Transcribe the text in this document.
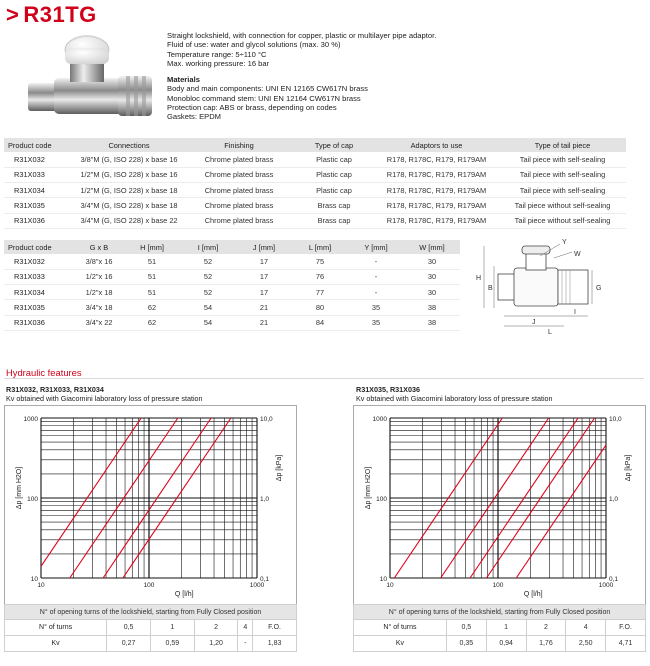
> R31TG
Straight lockshield, with connection for copper, plastic or multilayer pipe adaptor.
Fluid of use: water and glycol solutions (max. 30 %)
Temperature range: 5÷110 °C
Max. working pressure: 16 bar
Materials
Body and main components: UNI EN 12165 CW617N brass
Monobloc command stem: UNI EN 12164 CW617N brass
Protection cap: ABS or brass, depending on codes
Gaskets: EPDM
Product code	Connections	Finishing	Type of cap	Adaptors to use	Type of tail piece
R31X032	3/8"M (G, ISO 228) x base 16	Chrome plated brass	Plastic cap	R178, R178C, R179, R179AM	Tail piece with self-sealing
R31X033	1/2"M (G, ISO 228) x base 16	Chrome plated brass	Plastic cap	R178, R178C, R179, R179AM	Tail piece with self-sealing
R31X034	1/2"M (G, ISO 228) x base 18	Chrome plated brass	Plastic cap	R178, R178C, R179, R179AM	Tail piece with self-sealing
R31X035	3/4"M (G, ISO 228) x base 18	Chrome plated brass	Brass cap	R178, R178C, R179, R179AM	Tail piece without self-sealing
R31X036	3/4"M (G, ISO 228) x base 22	Chrome plated brass	Brass cap	R178, R178C, R179, R179AM	Tail piece without self-sealing
Product code	G x B	H [mm]	I [mm]	J [mm]	L [mm]	Y [mm]	W [mm]
R31X032	3/8"x 16	51	52	17	75	-	30
R31X033	1/2"x 16	51	52	17	76	-	30
R31X034	1/2"x 18	51	52	17	77	-	30
R31X035	3/4"x 18	62	54	21	80	35	38
R31X036	3/4"x 22	62	54	21	84	35	38
Y
W
H
B	G
I
J
L
Hydraulic features
R31X032, R31X033, R31X034
Kv obtained with Giacomini laboratory loss of pressure station
R31X035, R31X036
Kv obtained with Giacomini laboratory loss of pressure station
1000
100
10
10,0
1,0
0,1
10	100	1000
Q [l/h]
Δp [mm H2O]	Δp [kPa]
1000
100
10
10,0
1,0
0,1
10	100	1000
Q [l/h]
Δp [mm H2O]	Δp [kPa]
N° of opening turns of the lockshield, starting from Fully Closed position					
N° of turns	0,5	1	2	4	F.O.
Kv	0,27	0,59	1,20	-	1,83
N° of opening turns of the lockshield, starting from Fully Closed position					
N° of turns	0,5	1	2	4	F.O.
Kv	0,35	0,94	1,76	2,50	4,71
